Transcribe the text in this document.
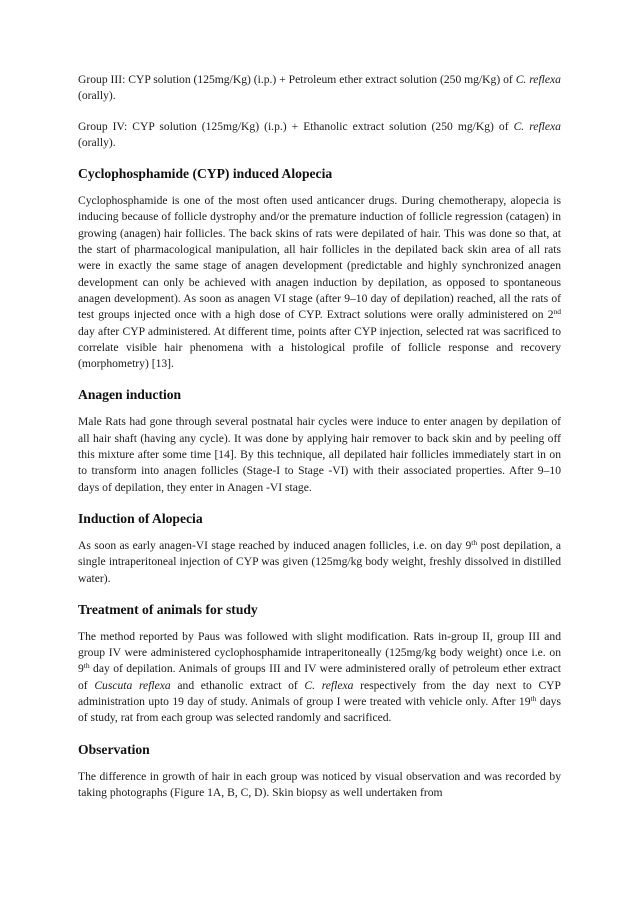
Group III: CYP solution (125mg/Kg) (i.p.) + Petroleum ether extract solution (250 mg/Kg) of C. reflexa (orally).

Group IV: CYP solution (125mg/Kg) (i.p.) + Ethanolic extract solution (250 mg/Kg) of C. reflexa (orally).

Cyclophosphamide (CYP) induced Alopecia

Cyclophosphamide is one of the most often used anticancer drugs. During chemotherapy, alopecia is inducing because of follicle dystrophy and/or the premature induction of follicle regression (catagen) in growing (anagen) hair follicles. The back skins of rats were depilated of hair. This was done so that, at the start of pharmacological manipulation, all hair follicles in the depilated back skin area of all rats were in exactly the same stage of anagen development (predictable and highly synchronized anagen development can only be achieved with anagen induction by depilation, as opposed to spontaneous anagen development). As soon as anagen VI stage (after 9–10 day of depilation) reached, all the rats of test groups injected once with a high dose of CYP. Extract solutions were orally administered on 2nd day after CYP administered. At different time, points after CYP injection, selected rat was sacrificed to correlate visible hair phenomena with a histological profile of follicle response and recovery (morphometry) [13].

Anagen induction

Male Rats had gone through several postnatal hair cycles were induce to enter anagen by depilation of all hair shaft (having any cycle). It was done by applying hair remover to back skin and by peeling off this mixture after some time [14]. By this technique, all depilated hair follicles immediately start in on to transform into anagen follicles (Stage-I to Stage -VI) with their associated properties. After 9–10 days of depilation, they enter in Anagen -VI stage.

Induction of Alopecia

As soon as early anagen-VI stage reached by induced anagen follicles, i.e. on day 9th post depilation, a single intraperitoneal injection of CYP was given (125mg/kg body weight, freshly dissolved in distilled water).

Treatment of animals for study

The method reported by Paus was followed with slight modification. Rats in-group II, group III and group IV were administered cyclophosphamide intraperitoneally (125mg/kg body weight) once i.e. on 9th day of depilation. Animals of groups III and IV were administered orally of petroleum ether extract of Cuscuta reflexa and ethanolic extract of C. reflexa respectively from the day next to CYP administration upto 19 day of study. Animals of group I were treated with vehicle only. After 19th days of study, rat from each group was selected randomly and sacrificed.

Observation

The difference in growth of hair in each group was noticed by visual observation and was recorded by taking photographs (Figure 1A, B, C, D). Skin biopsy as well undertaken from
